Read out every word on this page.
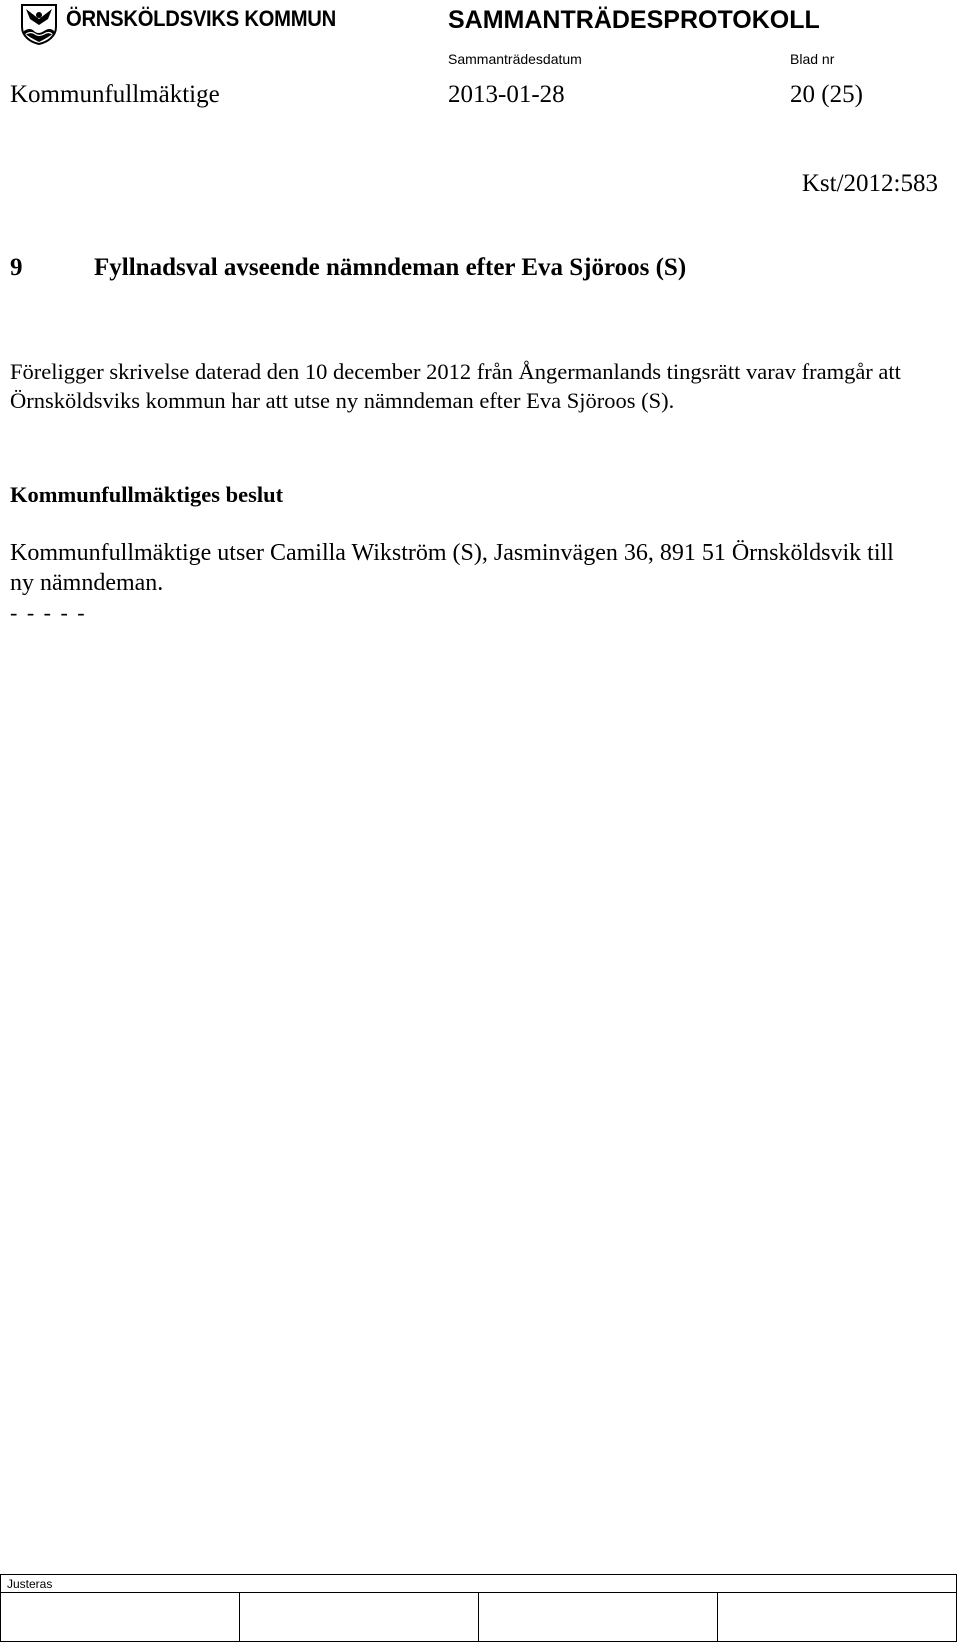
ÖRNSKÖLDSVIKS KOMMUN	SAMMANTRÄDESPROTOKOLL
Sammanträdesdatum	Blad nr
Kommunfullmäktige	2013-01-28	20 (25)
Kst/2012:583
9	Fyllnadsval avseende nämndeman efter Eva Sjöroos (S)
Föreligger skrivelse daterad den 10 december 2012 från Ångermanlands tingsrätt varav framgår att Örnsköldsviks kommun har att utse ny nämndeman efter Eva Sjöroos (S).
Kommunfullmäktiges beslut
Kommunfullmäktige utser Camilla Wikström (S), Jasminvägen 36, 891 51 Örnsköldsvik till ny nämndeman.
- - - - -
Justeras
